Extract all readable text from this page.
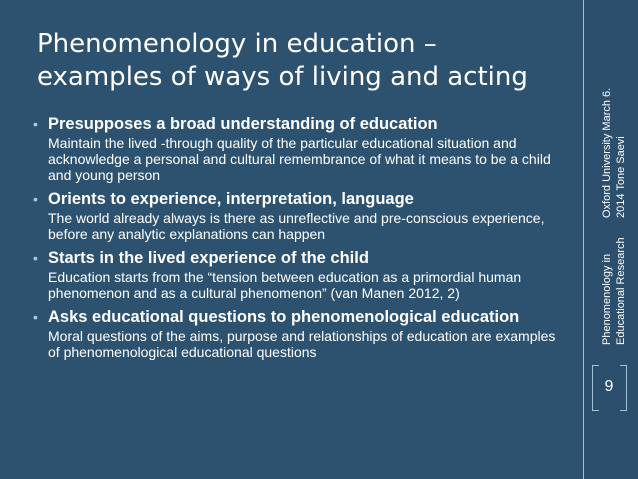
Phenomenology in education –
examples of ways of living and acting
• Presupposes a broad understanding of education
Maintain the lived -through quality of the particular educational situation and acknowledge a personal and cultural remembrance of what it means to be a child and young person
• Orients to experience, interpretation, language
The world already always is there as unreflective and pre-conscious experience, before any analytic explanations can happen
• Starts in the lived experience of the child
Education starts from the “tension between education as a primordial human phenomenon and as a cultural phenomenon” (van Manen 2012, 2)
• Asks educational questions to phenomenological education
Moral questions of the aims, purpose and relationships of education are examples of phenomenological educational questions
Phenomenology in Educational Research
Oxford University March 6. 2014 Tone Saevi
9
